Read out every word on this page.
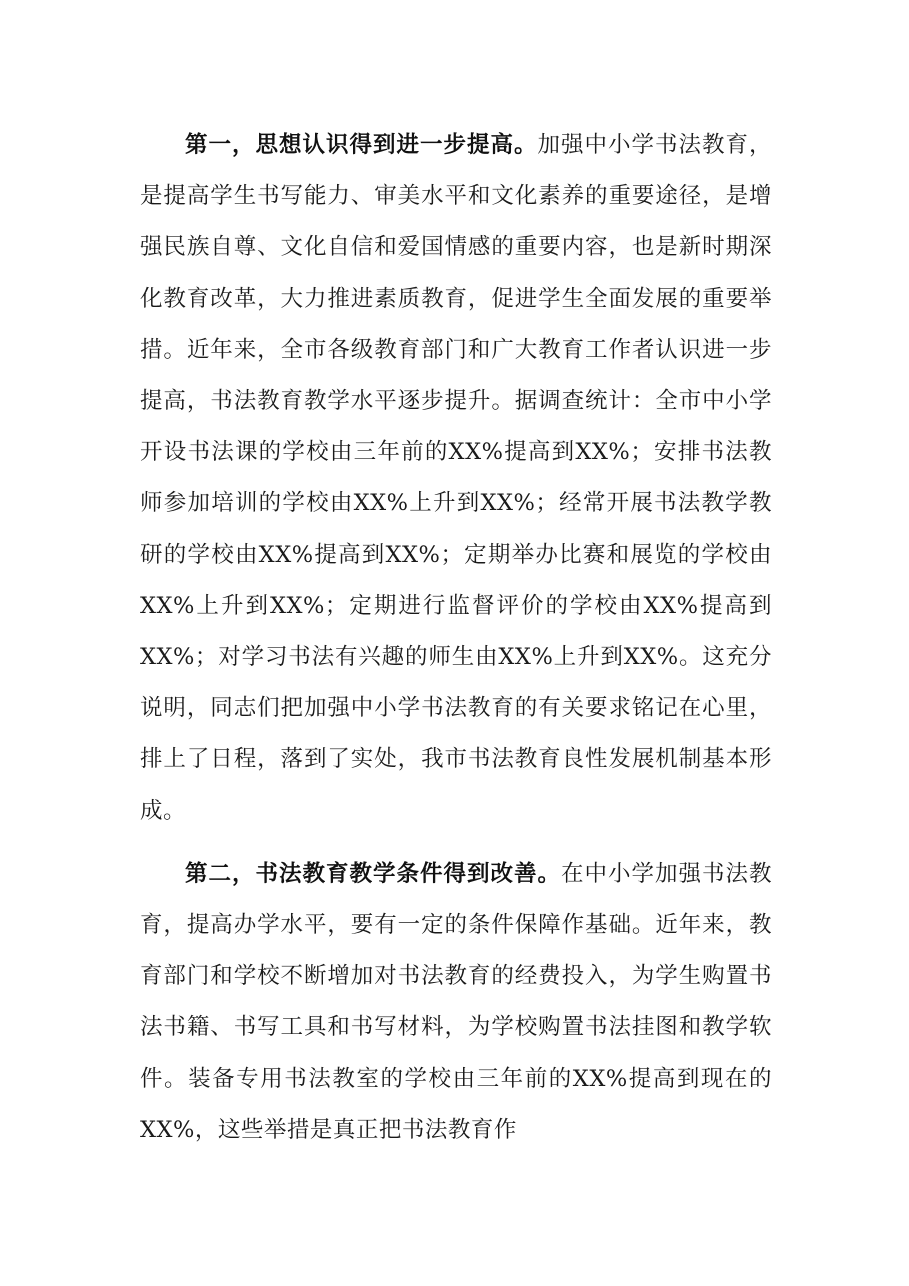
第一，思想认识得到进一步提高。加强中小学书法教育，是提高学生书写能力、审美水平和文化素养的重要途径，是增强民族自尊、文化自信和爱国情感的重要内容，也是新时期深化教育改革，大力推进素质教育，促进学生全面发展的重要举措。近年来，全市各级教育部门和广大教育工作者认识进一步提高，书法教育教学水平逐步提升。据调查统计：全市中小学开设书法课的学校由三年前的XX%提高到XX%；安排书法教师参加培训的学校由XX%上升到XX%；经常开展书法教学教研的学校由XX%提高到XX%；定期举办比赛和展览的学校由XX%上升到XX%；定期进行监督评价的学校由XX%提高到XX%；对学习书法有兴趣的师生由XX%上升到XX%。这充分说明，同志们把加强中小学书法教育的有关要求铭记在心里，排上了日程，落到了实处，我市书法教育良性发展机制基本形成。

第二，书法教育教学条件得到改善。在中小学加强书法教育，提高办学水平，要有一定的条件保障作基础。近年来，教育部门和学校不断增加对书法教育的经费投入，为学生购置书法书籍、书写工具和书写材料，为学校购置书法挂图和教学软件。装备专用书法教室的学校由三年前的XX%提高到现在的XX%，这些举措是真正把书法教育作
